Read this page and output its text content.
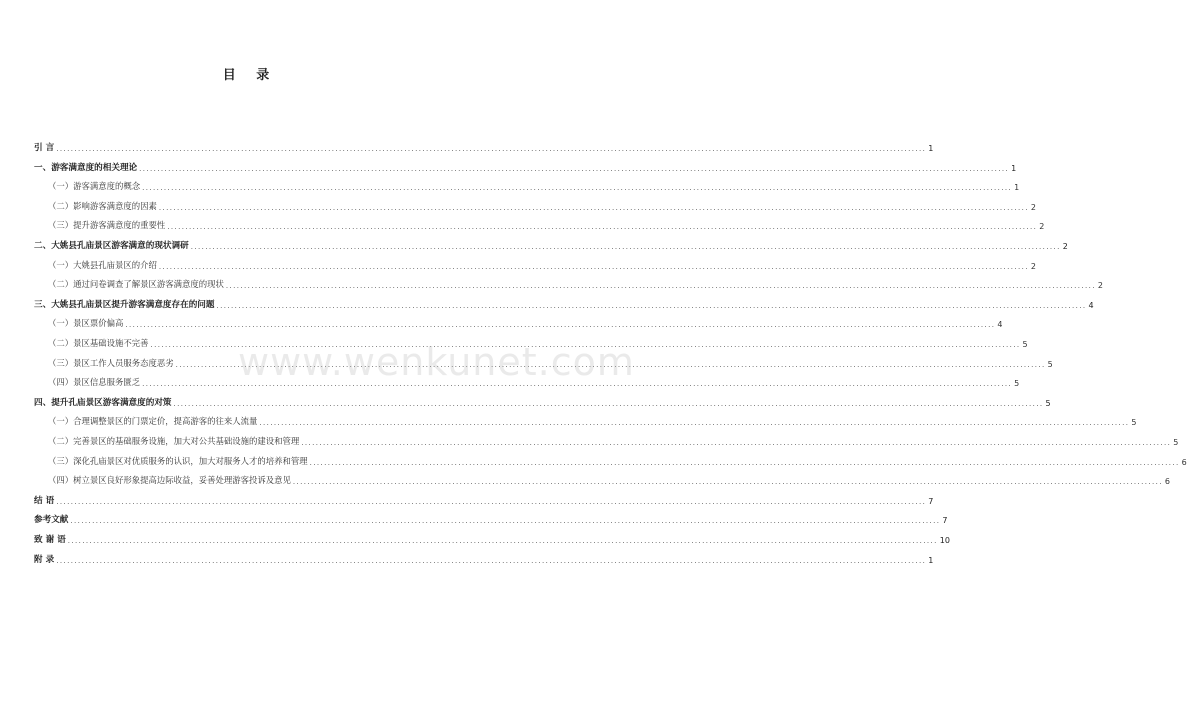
目 录
引 言 .....	1
一、游客满意度的相关理论 .....	1
（一）游客满意度的概念 .....	1
（二）影响游客满意度的因素 .....	2
（三）提升游客满意度的重要性 .....	2
二、大姚县孔庙景区游客满意的现状调研 .....	2
（一）大姚县孔庙景区的介绍 .....	2
（二）通过问卷调查了解景区游客满意度的现状 .....	2
三、大姚县孔庙景区提升游客满意度存在的问题 .....	4
（一）景区票价偏高 .....	4
（二）景区基础设施不完善 .....	5
（三）景区工作人员服务态度恶劣 .....	5
（四）景区信息服务匮乏 .....	5
四、提升孔庙景区游客满意度的对策 .....	5
（一）合理调整景区的门票定价，提高游客的往来人流量 .....	5
（二）完善景区的基础服务设施，加大对公共基础设施的建设和管理 .....	5
（三）深化孔庙景区对优质服务的认识，加大对服务人才的培养和管理 .....	6
（四）树立景区良好形象提高边际收益，妥善处理游客投诉及意见 .....	6
结 语 .....	7
参考文献 .....	7
致 谢 语 .....	10
附 录 .....	1
www.wenkunet.com
